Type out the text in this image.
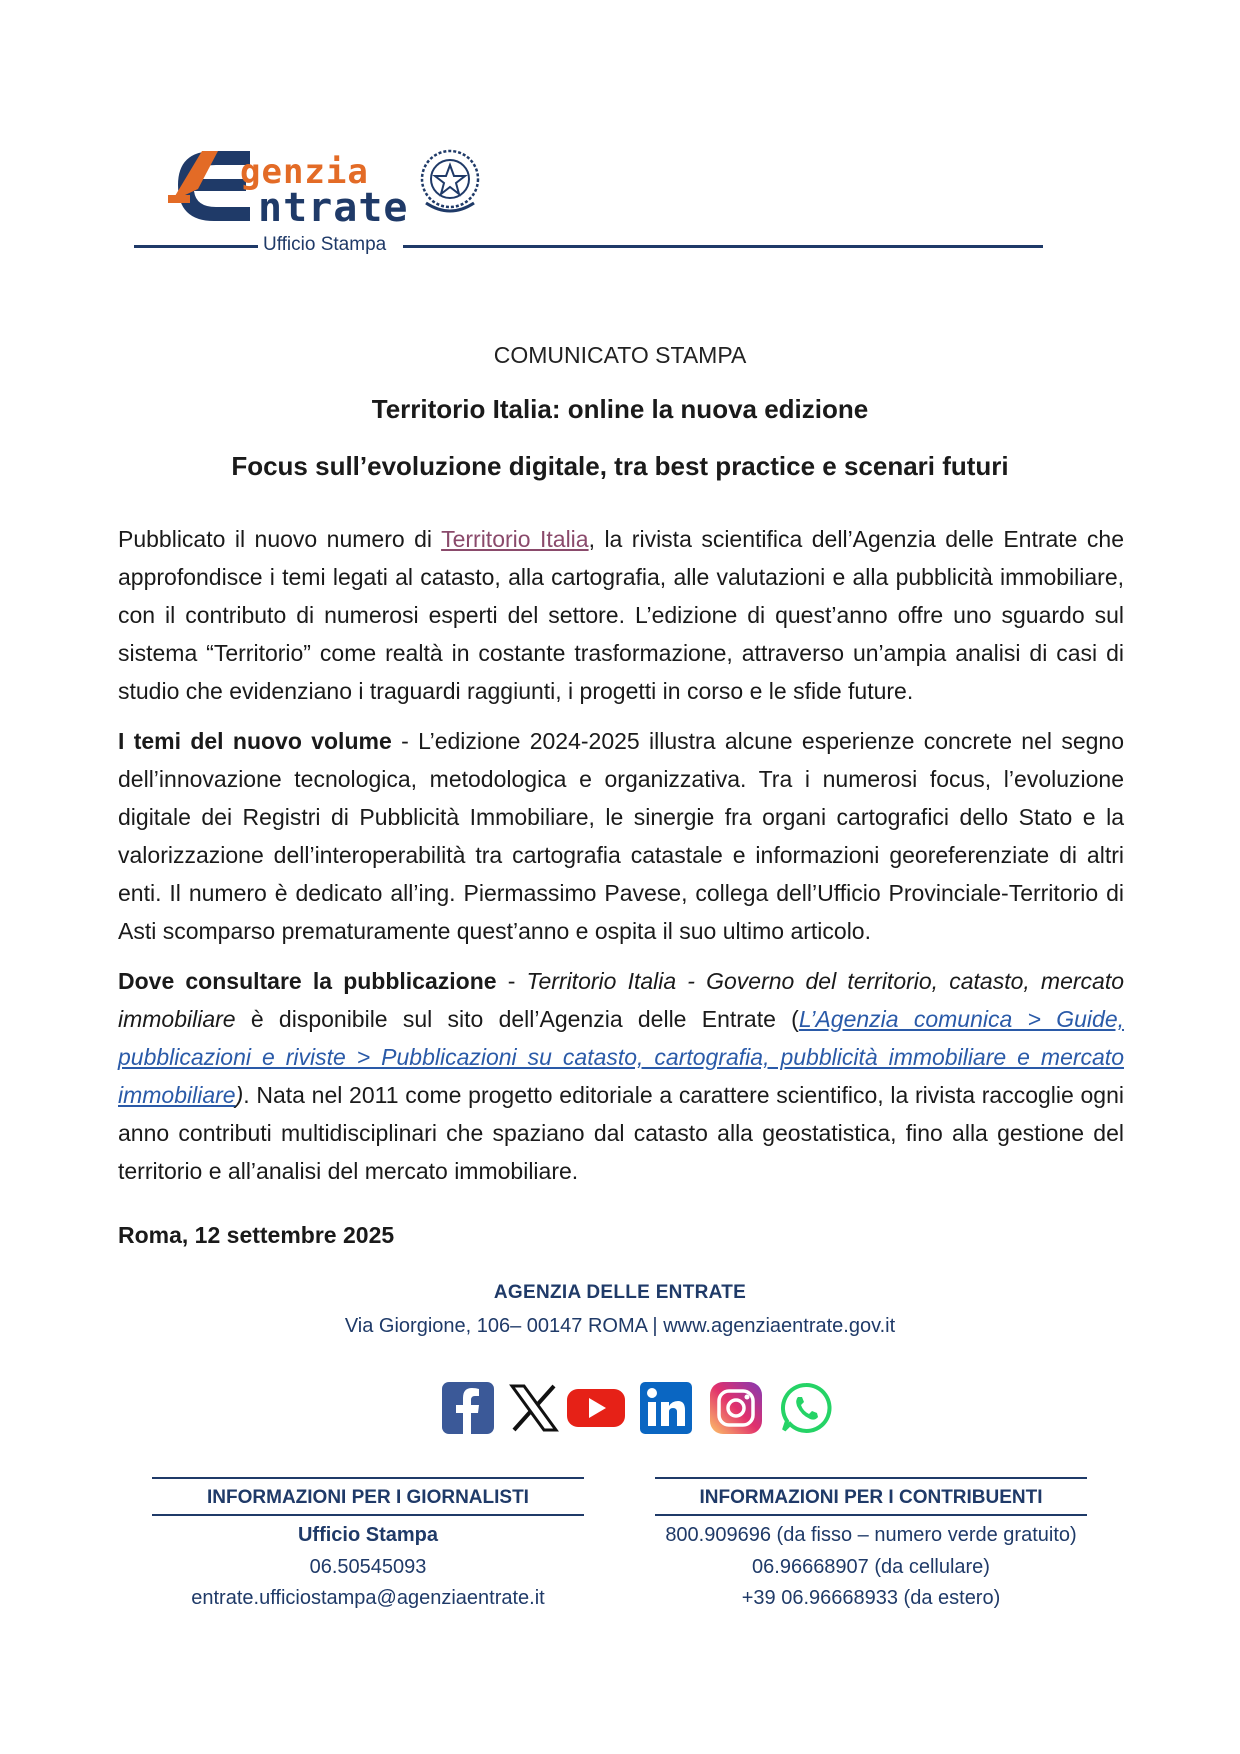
genzia
ntrate
Ufficio Stampa
COMUNICATO STAMPA
Territorio Italia: online la nuova edizione
Focus sull’evoluzione digitale, tra best practice e scenari futuri

Pubblicato il nuovo numero di Territorio Italia, la rivista scientifica dell’Agenzia delle Entrate che approfondisce i temi legati al catasto, alla cartografia, alle valutazioni e alla pubblicità immobiliare, con il contributo di numerosi esperti del settore. L’edizione di quest’anno offre uno sguardo sul sistema “Territorio” come realtà in costante trasformazione, attraverso un’ampia analisi di casi di studio che evidenziano i traguardi raggiunti, i progetti in corso e le sfide future.

I temi del nuovo volume - L’edizione 2024-2025 illustra alcune esperienze concrete nel segno dell’innovazione tecnologica, metodologica e organizzativa. Tra i numerosi focus, l’evoluzione digitale dei Registri di Pubblicità Immobiliare, le sinergie fra organi cartografici dello Stato e la valorizzazione dell’interoperabilità tra cartografia catastale e informazioni georeferenziate di altri enti. Il numero è dedicato all’ing. Piermassimo Pavese, collega dell’Ufficio Provinciale-Territorio di Asti scomparso prematuramente quest’anno e ospita il suo ultimo articolo.

Dove consultare la pubblicazione - Territorio Italia - Governo del territorio, catasto, mercato immobiliare è disponibile sul sito dell’Agenzia delle Entrate (L’Agenzia comunica > Guide, pubblicazioni e riviste > Pubblicazioni su catasto, cartografia, pubblicità immobiliare e mercato immobiliare). Nata nel 2011 come progetto editoriale a carattere scientifico, la rivista raccoglie ogni anno contributi multidisciplinari che spaziano dal catasto alla geostatistica, fino alla gestione del territorio e all’analisi del mercato immobiliare.

Roma, 12 settembre 2025
AGENZIA DELLE ENTRATE
Via Giorgione, 106– 00147 ROMA | www.agenziaentrate.gov.it
INFORMAZIONI PER I GIORNALISTI
Ufficio Stampa
06.50545093
entrate.ufficiostampa@agenziaentrate.it
INFORMAZIONI PER I CONTRIBUENTI
800.909696 (da fisso – numero verde gratuito)
06.96668907 (da cellulare)
+39 06.96668933 (da estero)
